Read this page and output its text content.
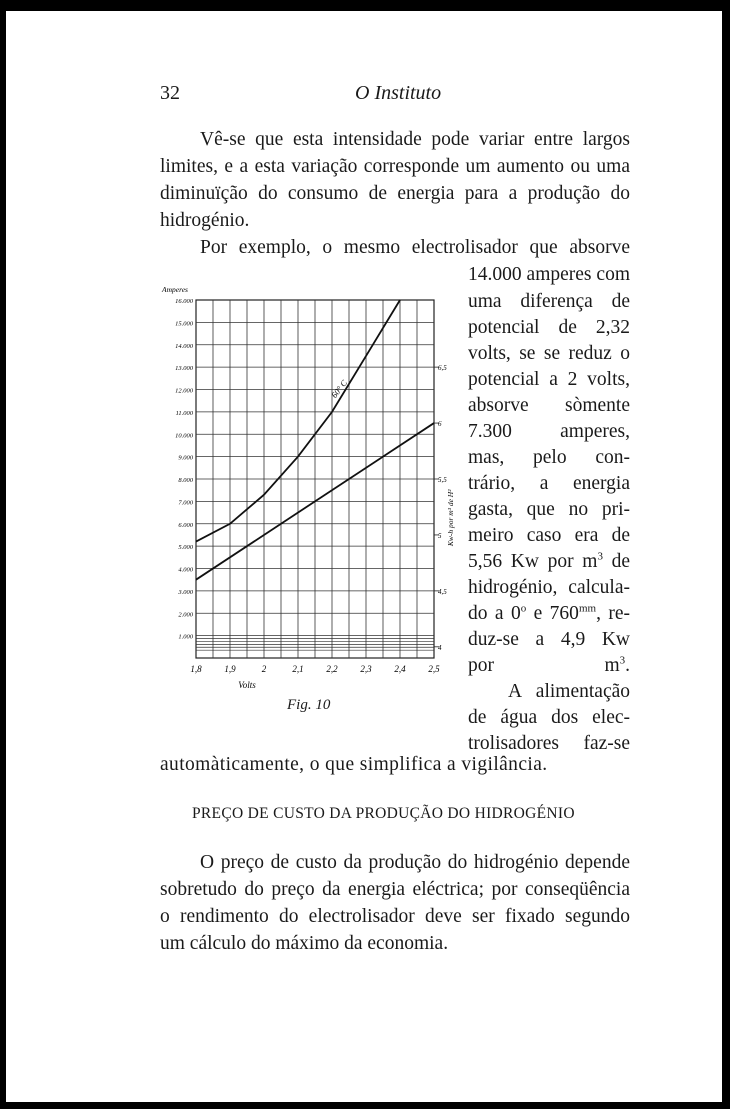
32	O Instituto
Vê-se que esta intensidade pode variar entre largos
limites, e a esta variação corresponde um aumento ou uma
diminuïção do consumo de energia para a produção do
hidrogénio.
Por exemplo, o mesmo electrolisador que absorve
14.000 amperes com
uma diferença de
potencial de 2,32
volts, se se reduz o
potencial a 2 volts,
absorve sòmente
7.300 amperes,
mas, pelo con-
trário, a energia
gasta, que no pri-
meiro caso era de
5,56 Kw por $m^3$ de
hidrogénio, calcula-
do a 0$^o$ e $760^{mm}$, re-
duz-se a 4,9 Kw
por $m^3$.
A alimentação
de água dos elec-
trolisadores faz-se
automàticamente, o que simplifica a vigilância.
PREÇO DE CUSTO DA PRODUÇÃO DO HIDROGÉNIO
O preço de custo da produção do hidrogénio depende
sobretudo do preço da energia eléctrica; por conseqüência
o rendimento do electrolisador deve ser fixado segundo
um cálculo do máximo da economia.
16.000
15.000
14.000
13.000
12.000
11.000
10.000
9.000
8.000
7.000
6.000
5.000
4.000
3.000
2.000
1.000
Amperes
6,5
6
5,5
5
4,5
4
Kw-h por m³ de H²
1,8	1,9	2	2,1	2,2	2,3	2,4	2,5
Volts
60° C
Fig. 10
